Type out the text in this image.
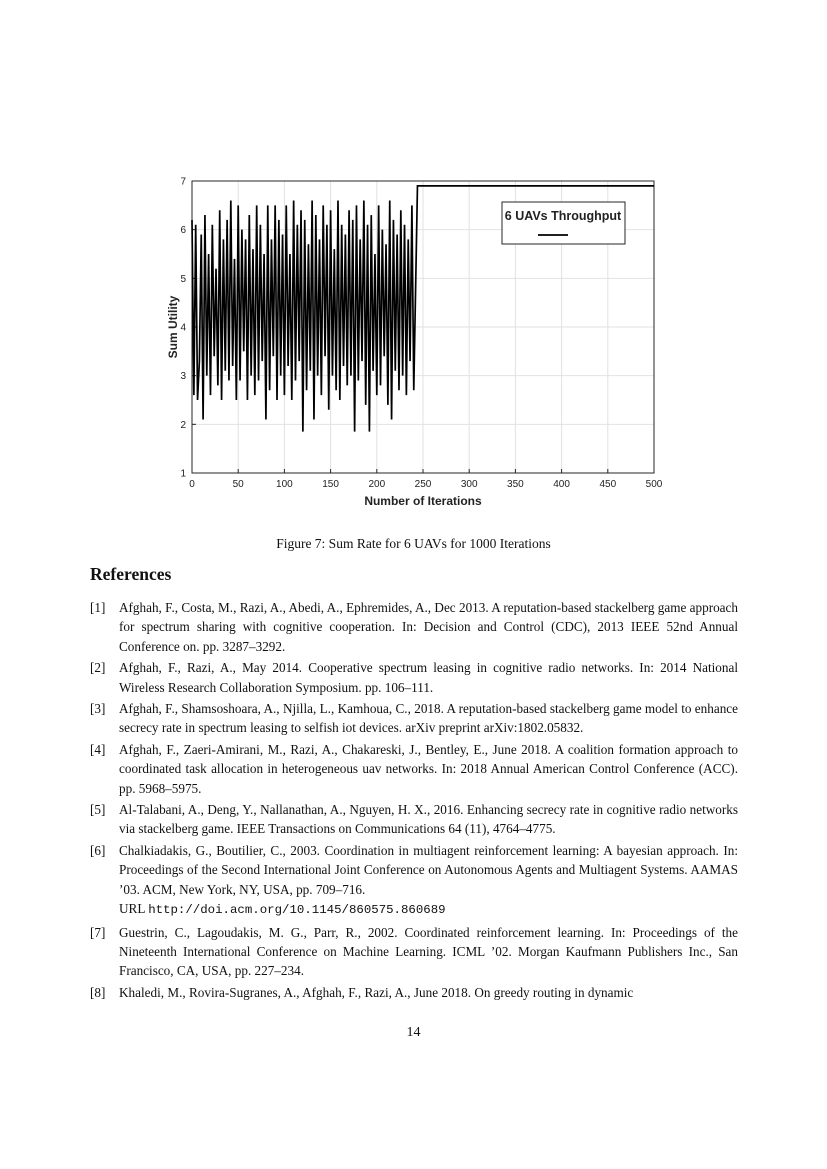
0	50	100	150	200	250	300	350	400	450	500
1
2
3
4
5
6
7
6 UAVs Throughput
Number of Iterations
Sum Utility
Figure 7: Sum Rate for 6 UAVs for 1000 Iterations
References
[1] Afghah, F., Costa, M., Razi, A., Abedi, A., Ephremides, A., Dec 2013. A reputation-based stackelberg game approach for spectrum sharing with cognitive cooperation. In: Decision and Control (CDC), 2013 IEEE 52nd Annual Conference on. pp. 3287–3292.
[2] Afghah, F., Razi, A., May 2014. Cooperative spectrum leasing in cognitive radio networks. In: 2014 National Wireless Research Collaboration Symposium. pp. 106–111.
[3] Afghah, F., Shamsoshoara, A., Njilla, L., Kamhoua, C., 2018. A reputation-based stackelberg game model to enhance secrecy rate in spectrum leasing to selfish iot devices. arXiv preprint arXiv:1802.05832.
[4] Afghah, F., Zaeri-Amirani, M., Razi, A., Chakareski, J., Bentley, E., June 2018. A coalition formation approach to coordinated task allocation in heterogeneous uav networks. In: 2018 Annual American Control Conference (ACC). pp. 5968–5975.
[5] Al-Talabani, A., Deng, Y., Nallanathan, A., Nguyen, H. X., 2016. Enhancing secrecy rate in cognitive radio networks via stackelberg game. IEEE Transactions on Communications 64 (11), 4764–4775.
[6] Chalkiadakis, G., Boutilier, C., 2003. Coordination in multiagent reinforcement learning: A bayesian approach. In: Proceedings of the Second International Joint Conference on Autonomous Agents and Multiagent Systems. AAMAS ’03. ACM, New York, NY, USA, pp. 709–716.
URL http://doi.acm.org/10.1145/860575.860689
[7] Guestrin, C., Lagoudakis, M. G., Parr, R., 2002. Coordinated reinforcement learning. In: Proceedings of the Nineteenth International Conference on Machine Learning. ICML ’02. Morgan Kaufmann Publishers Inc., San Francisco, CA, USA, pp. 227–234.
[8] Khaledi, M., Rovira-Sugranes, A., Afghah, F., Razi, A., June 2018. On greedy routing in dynamic
14
